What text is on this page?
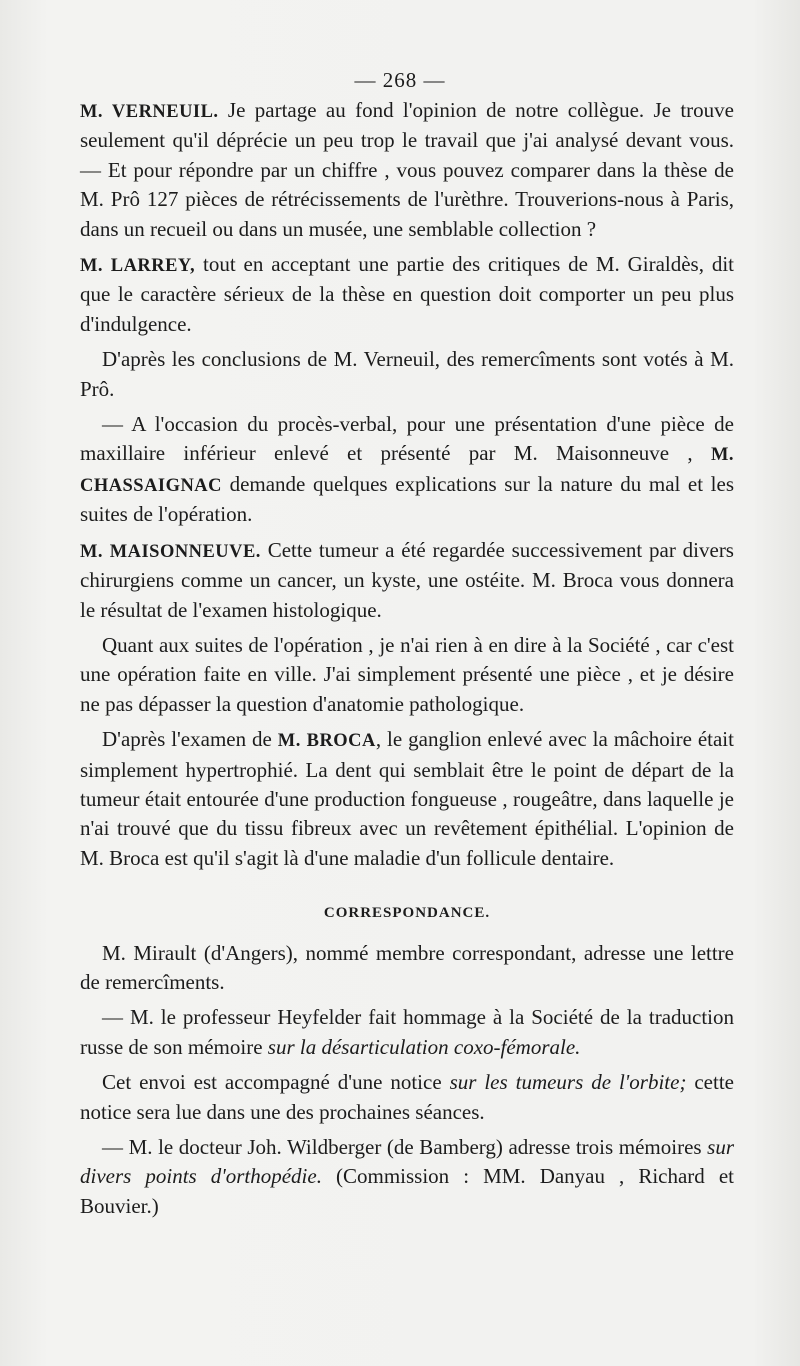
— 268 —

M. VERNEUIL. Je partage au fond l'opinion de notre collègue. Je trouve seulement qu'il déprécie un peu trop le travail que j'ai analysé devant vous. — Et pour répondre par un chiffre , vous pouvez comparer dans la thèse de M. Prô 127 pièces de rétrécissements de l'urèthre. Trouverions-nous à Paris, dans un recueil ou dans un musée, une semblable collection ?

M. LARREY, tout en acceptant une partie des critiques de M. Giraldès, dit que le caractère sérieux de la thèse en question doit comporter un peu plus d'indulgence.

D'après les conclusions de M. Verneuil, des remercîments sont votés à M. Prô.

— A l'occasion du procès-verbal, pour une présentation d'une pièce de maxillaire inférieur enlevé et présenté par M. Maisonneuve , M. CHASSAIGNAC demande quelques explications sur la nature du mal et les suites de l'opération.

M. MAISONNEUVE. Cette tumeur a été regardée successivement par divers chirurgiens comme un cancer, un kyste, une ostéite. M. Broca vous donnera le résultat de l'examen histologique.

Quant aux suites de l'opération , je n'ai rien à en dire à la Société , car c'est une opération faite en ville. J'ai simplement présenté une pièce , et je désire ne pas dépasser la question d'anatomie pathologique.

D'après l'examen de M. BROCA, le ganglion enlevé avec la mâchoire était simplement hypertrophié. La dent qui semblait être le point de départ de la tumeur était entourée d'une production fongueuse , rougeâtre, dans laquelle je n'ai trouvé que du tissu fibreux avec un revêtement épithélial. L'opinion de M. Broca est qu'il s'agit là d'une maladie d'un follicule dentaire.

CORRESPONDANCE.

M. Mirault (d'Angers), nommé membre correspondant, adresse une lettre de remercîments.

— M. le professeur Heyfelder fait hommage à la Société de la traduction russe de son mémoire sur la désarticulation coxo-fémorale.

Cet envoi est accompagné d'une notice sur les tumeurs de l'orbite; cette notice sera lue dans une des prochaines séances.

— M. le docteur Joh. Wildberger (de Bamberg) adresse trois mémoires sur divers points d'orthopédie. (Commission : MM. Danyau , Richard et Bouvier.)
